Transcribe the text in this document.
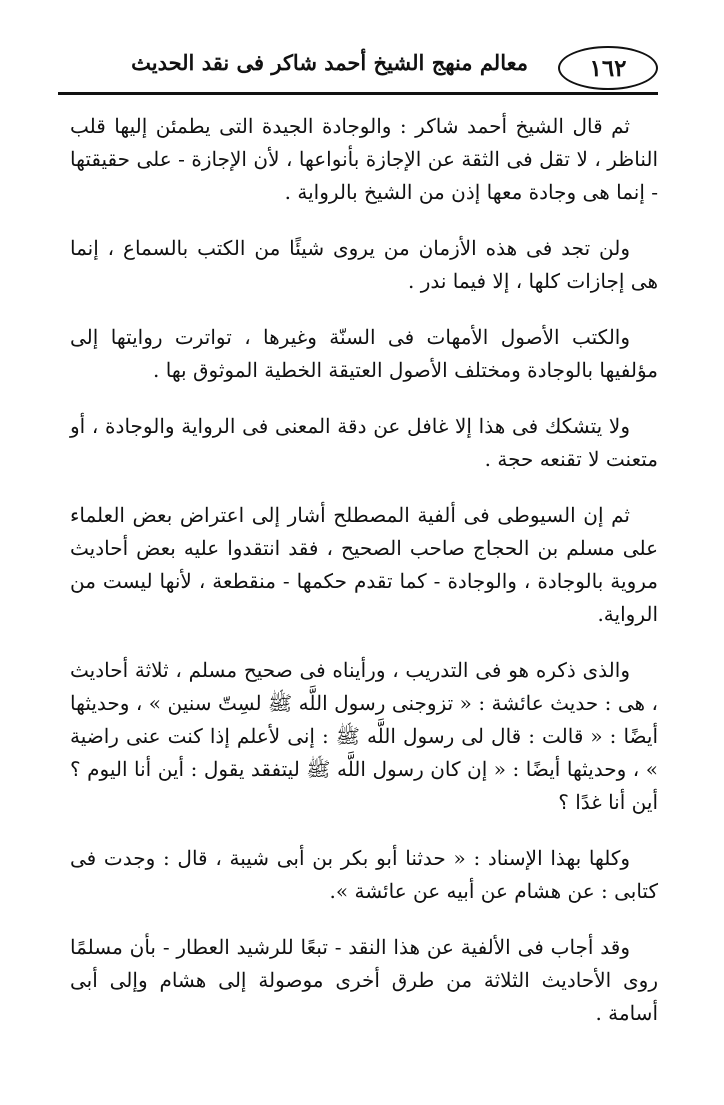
١٦٢
معالم منهج الشيخ أحمد شاكر فى نقد الحديث

ثم قال الشيخ أحمد شاكر : والوجادة الجيدة التى يطمئن إليها قلب الناظر ، لا تقل فى الثقة عن الإجازة بأنواعها ، لأن الإجازة - على حقيقتها - إنما هى وجادة معها إذن من الشيخ بالرواية .

ولن تجد فى هذه الأزمان من يروى شيئًا من الكتب بالسماع ، إنما هى إجازات كلها ، إلا فيما ندر .

والكتب الأصول الأمهات فى السنّة وغيرها ، تواترت روايتها إلى مؤلفيها بالوجادة ومختلف الأصول العتيقة الخطية الموثوق بها .

ولا يتشكك فى هذا إلا غافل عن دقة المعنى فى الرواية والوجادة ، أو متعنت لا تقنعه حجة .

ثم إن السيوطى فى ألفية المصطلح أشار إلى اعتراض بعض العلماء على مسلم بن الحجاج صاحب الصحيح ، فقد انتقدوا عليه بعض أحاديث مروية بالوجادة ، والوجادة - كما تقدم حكمها - منقطعة ، لأنها ليست من الرواية.

والذى ذكره هو فى التدريب ، ورأيناه فى صحيح مسلم ، ثلاثة أحاديث ، هى : حديث عائشة : « تزوجنى رسول اللَّه ﷺ لسِتّ سنين » ، وحديثها أيضًا : « قالت : قال لى رسول اللَّه ﷺ : إنى لأعلم إذا كنت عنى راضية » ، وحديثها أيضًا : « إن كان رسول اللَّه ﷺ ليتفقد يقول : أين أنا اليوم ؟ أين أنا غدًا ؟

وكلها بهذا الإسناد : « حدثنا أبو بكر بن أبى شيبة ، قال : وجدت فى كتابى : عن هشام عن أبيه عن عائشة ».

وقد أجاب فى الألفية عن هذا النقد - تبعًا للرشيد العطار - بأن مسلمًا روى الأحاديث الثلاثة من طرق أخرى موصولة إلى هشام وإلى أبى أسامة .
